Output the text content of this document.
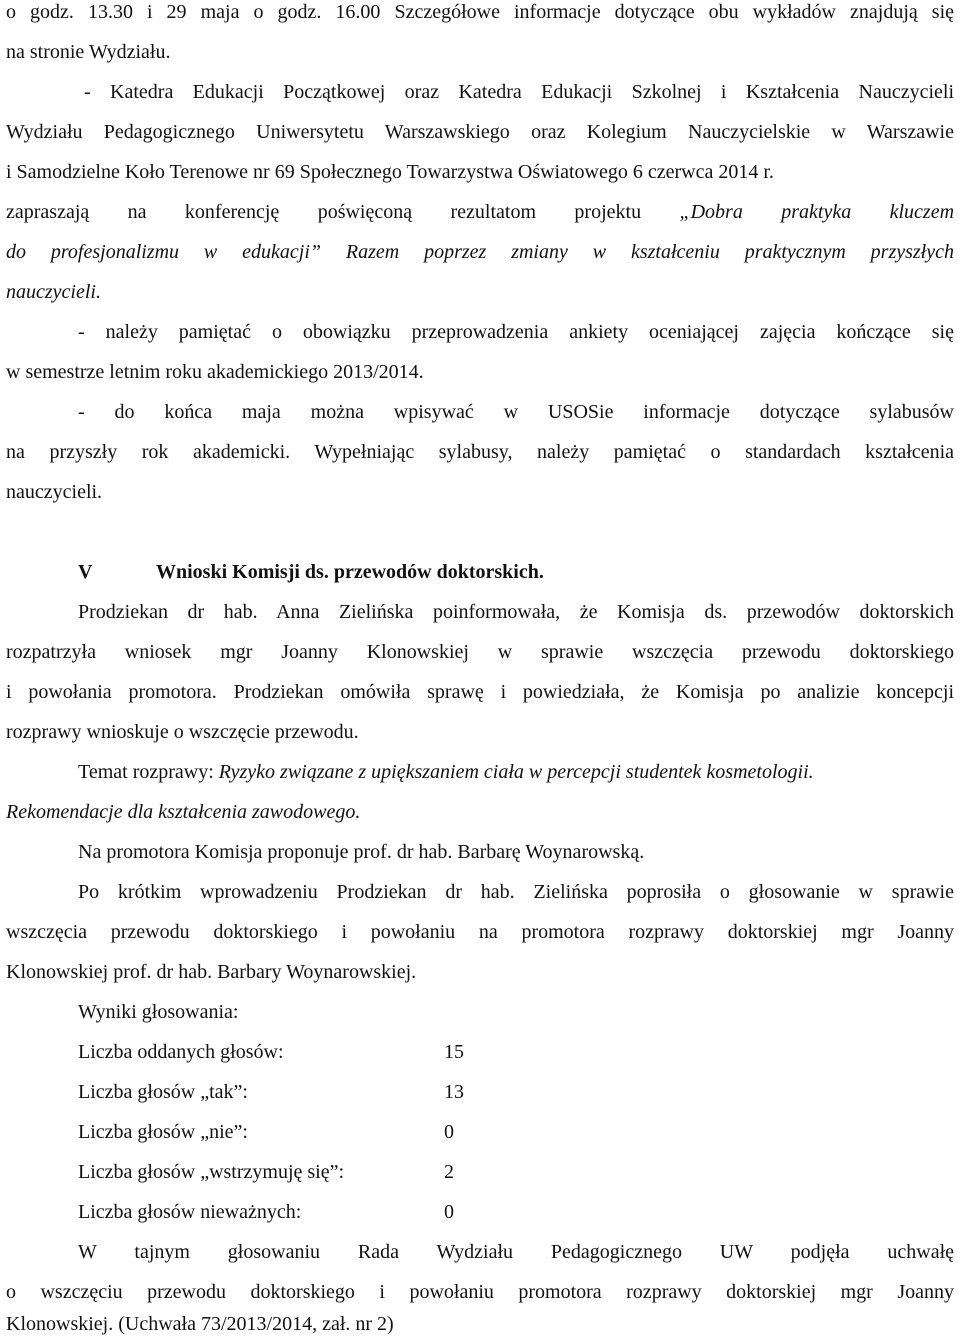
o godz. 13.30 i 29 maja o godz. 16.00 Szczegółowe informacje dotyczące obu wykładów znajdują się
na stronie Wydziału.
- Katedra Edukacji Początkowej oraz Katedra Edukacji Szkolnej i Kształcenia Nauczycieli
Wydziału Pedagogicznego Uniwersytetu Warszawskiego oraz Kolegium Nauczycielskie w Warszawie
i Samodzielne Koło Terenowe nr 69 Społecznego Towarzystwa Oświatowego 6 czerwca 2014 r.
zapraszają na konferencję poświęconą rezultatom projektu „Dobra praktyka kluczem
do profesjonalizmu w edukacji” Razem poprzez zmiany w kształceniu praktycznym przyszłych
nauczycieli.
- należy pamiętać o obowiązku przeprowadzenia ankiety oceniającej zajęcia kończące się
w semestrze letnim roku akademickiego 2013/2014.
- do końca maja można wpisywać w USOSie informacje dotyczące sylabusów
na przyszły rok akademicki. Wypełniając sylabusy, należy pamiętać o standardach kształcenia
nauczycieli.
V	Wnioski Komisji ds. przewodów doktorskich.
Prodziekan dr hab. Anna Zielińska poinformowała, że Komisja ds. przewodów doktorskich
rozpatrzyła wniosek mgr Joanny Klonowskiej w sprawie wszczęcia przewodu doktorskiego
i powołania promotora. Prodziekan omówiła sprawę i powiedziała, że Komisja po analizie koncepcji
rozprawy wnioskuje o wszczęcie przewodu.
Temat rozprawy: Ryzyko związane z upiększaniem ciała w percepcji studentek kosmetologii.
Rekomendacje dla kształcenia zawodowego.
Na promotora Komisja proponuje prof. dr hab. Barbarę Woynarowską.
Po krótkim wprowadzeniu Prodziekan dr hab. Zielińska poprosiła o głosowanie w sprawie
wszczęcia przewodu doktorskiego i powołaniu na promotora rozprawy doktorskiej mgr Joanny
Klonowskiej prof. dr hab. Barbary Woynarowskiej.
Wyniki głosowania:
Liczba oddanych głosów:	15
Liczba głosów „tak”:	13
Liczba głosów „nie”:	0
Liczba głosów „wstrzymuję się”:	2
Liczba głosów nieważnych:	0
W tajnym głosowaniu Rada Wydziału Pedagogicznego UW podjęła uchwałę
o wszczęciu przewodu doktorskiego i powołaniu promotora rozprawy doktorskiej mgr Joanny
Klonowskiej. (Uchwała 73/2013/2014, zał. nr 2)
